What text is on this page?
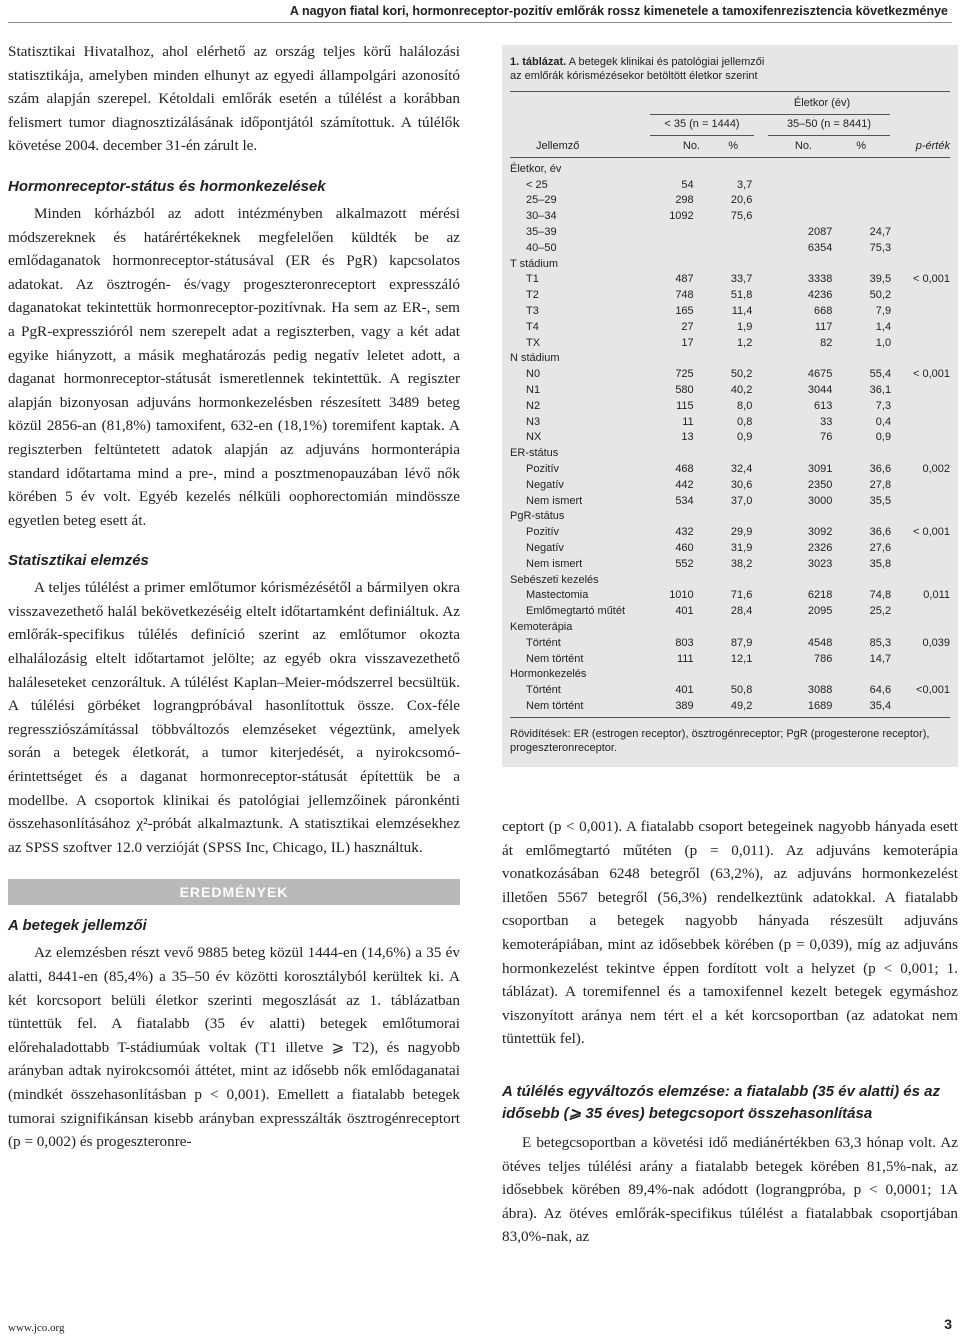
A nagyon fiatal kori, hormonreceptor-pozitív emlőrák rossz kimenetele a tamoxifenrezisztencia következménye

Statisztikai Hivatalhoz, ahol elérhető az ország teljes körű halálozási statisztikája, amelyben minden elhunyt az egyedi állampolgári azonosító szám alapján szerepel. Kétoldali emlőrák esetén a túlélést a korábban felismert tumor diagnosztizálásának időpontjától számítottuk. A túlélők követése 2004. december 31-én zárult le.

Hormonreceptor-státus és hormonkezelések

Minden kórházból az adott intézményben alkalmazott mérési módszereknek és határértékeknek megfelelően küldték be az emlődaganatok hormonreceptor-státusával (ER és PgR) kapcsolatos adatokat. Az ösztrogén- és/vagy progeszteronreceptort expresszáló daganatokat tekintettük hormonreceptor-pozitívnak. Ha sem az ER-, sem a PgR-expresszióról nem szerepelt adat a regiszterben, vagy a két adat egyike hiányzott, a másik meghatározás pedig negatív leletet adott, a daganat hormonreceptor-státusát ismeretlennek tekintettük. A regiszter alapján bizonyosan adjuváns hormonkezelésben részesített 3489 beteg közül 2856-an (81,8%) tamoxifent, 632-en (18,1%) toremifent kaptak. A regiszterben feltüntetett adatok alapján az adjuváns hormonterápia standard időtartama mind a pre-, mind a posztmenopauzában lévő nők körében 5 év volt. Egyéb kezelés nélküli oophorectomián mindössze egyetlen beteg esett át.

Statisztikai elemzés

A teljes túlélést a primer emlőtumor kórismézésétől a bármilyen okra visszavezethető halál bekövetkezéséig eltelt időtartamként definiáltuk. Az emlőrák-specifikus túlélés definíció szerint az emlőtumor okozta elhalálozásig eltelt időtartamot jelölte; az egyéb okra visszavezethető haláleseteket cenzoráltuk. A túlélést Kaplan–Meier-módszerrel becsültük. A túlélési görbéket lograngpróbával hasonlítottuk össze. Cox-féle regressziószámítással többváltozós elemzéseket végeztünk, amelyek során a betegek életkorát, a tumor kiterjedését, a nyirokcsomó-érintettséget és a daganat hormonreceptor-státusát építettük be a modellbe. A csoportok klinikai és patológiai jellemzőinek páronkénti összehasonlításához χ²-próbát alkalmaztunk. A statisztikai elemzésekhez az SPSS szoftver 12.0 verzióját (SPSS Inc, Chicago, IL) használtuk.

EREDMÉNYEK
A betegek jellemzői

Az elemzésben részt vevő 9885 beteg közül 1444-en (14,6%) a 35 év alatti, 8441-en (85,4%) a 35–50 év közötti korosztályból kerültek ki. A két korcsoport belüli életkor szerinti megoszlását az 1. táblázatban tüntettük fel. A fiatalabb (35 év alatti) betegek emlőtumorai előrehaladottabb T-stádiumúak voltak (T1 illetve ⩾ T2), és nagyobb arányban adtak nyirokcsomói áttétet, mint az idősebb nők emlődaganatai (mindkét összehasonlításban p < 0,001). Emellett a fiatalabb betegek tumorai szignifikánsan kisebb arányban expresszálták ösztrogénreceptort (p = 0,002) és progeszteronre-

1. táblázat. A betegek klinikai és patológiai jellemzői
az emlőrák kórismézésekor betöltött életkor szerint
Életkor (év)
< 35 (n = 1444)	35–50 (n = 8441)
Jellemző	No.	%	No.	%	p-érték
Életkor, év					
< 25	54	3,7			
25–29	298	20,6			
30–34	1092	75,6			
35–39			2087	24,7	
40–50			6354	75,3	
T stádium					
T1	487	33,7	3338	39,5	< 0,001
T2	748	51,8	4236	50,2	
T3	165	11,4	668	7,9	
T4	27	1,9	117	1,4	
TX	17	1,2	82	1,0	
N stádium					
N0	725	50,2	4675	55,4	< 0,001
N1	580	40,2	3044	36,1	
N2	115	8,0	613	7,3	
N3	11	0,8	33	0,4	
NX	13	0,9	76	0,9	
ER-státus					
Pozitív	468	32,4	3091	36,6	0,002
Negatív	442	30,6	2350	27,8	
Nem ismert	534	37,0	3000	35,5	
PgR-státus					
Pozitív	432	29,9	3092	36,6	< 0,001
Negatív	460	31,9	2326	27,6	
Nem ismert	552	38,2	3023	35,8	
Sebészeti kezelés					
Mastectomia	1010	71,6	6218	74,8	0,011
Emlőmegtartó műtét	401	28,4	2095	25,2	
Kemoterápia					
Történt	803	87,9	4548	85,3	0,039
Nem történt	111	12,1	786	14,7	
Hormonkezelés					
Történt	401	50,8	3088	64,6	<0,001
Nem történt	389	49,2	1689	35,4	
Rövidítések: ER (estrogen receptor), ösztrogénreceptor; PgR (progesterone receptor), progeszteronreceptor.

ceptort (p < 0,001). A fiatalabb csoport betegeinek nagyobb hányada esett át emlőmegtartó műtéten (p = 0,011). Az adjuváns kemoterápia vonatkozásában 6248 betegről (63,2%), az adjuváns hormonkezelést illetően 5567 betegről (56,3%) rendelkeztünk adatokkal. A fiatalabb csoportban a betegek nagyobb hányada részesült adjuváns kemoterápiában, mint az idősebbek körében (p = 0,039), míg az adjuváns hormonkezelést tekintve éppen fordított volt a helyzet (p < 0,001; 1. táblázat). A toremifennel és a tamoxifennel kezelt betegek egymáshoz viszonyított aránya nem tért el a két korcsoportban (az adatokat nem tüntettük fel).

A túlélés egyváltozós elemzése: a fiatalabb (35 év alatti) és az idősebb (⩾ 35 éves) betegcsoport összehasonlítása

E betegcsoportban a követési idő mediánértékben 63,3 hónap volt. Az ötéves teljes túlélési arány a fiatalabb betegek körében 81,5%-nak, az idősebbek körében 89,4%-nak adódott (lograngpróba, p < 0,0001; 1A ábra). Az ötéves emlőrák-specifikus túlélést a fiatalabbak csoportjában 83,0%-nak, az

www.jco.org	3
